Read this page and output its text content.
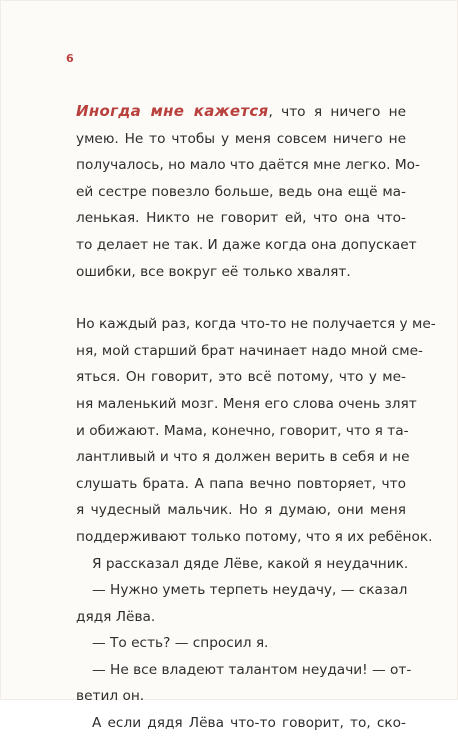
6
Иногда мне кажется, что я ничего не
умею. Не то чтобы у меня совсем ничего не
получалось, но мало что даётся мне легко. Мо-
ей сестре повезло больше, ведь она ещё ма-
ленькая. Никто не говорит ей, что она что-
то делает не так. И даже когда она допускает
ошибки, все вокруг её только хвалят.
Но каждый раз, когда что-то не получается у ме-
ня, мой старший брат начинает надо мной сме-
яться. Он говорит, это всё потому, что у ме-
ня маленький мозг. Меня его слова очень злят
и обижают. Мама, конечно, говорит, что я та-
лантливый и что я должен верить в себя и не
слушать брата. А папа вечно повторяет, что
я чудесный мальчик. Но я думаю, они меня
поддерживают только потому, что я их ребёнок.
Я рассказал дяде Лёве, какой я неудачник.
— Нужно уметь терпеть неудачу, — сказал
дядя Лёва.
— То есть? — спросил я.
— Не все владеют талантом неудачи! — от-
ветил он.
А если дядя Лёва что-то говорит, то, ско-
